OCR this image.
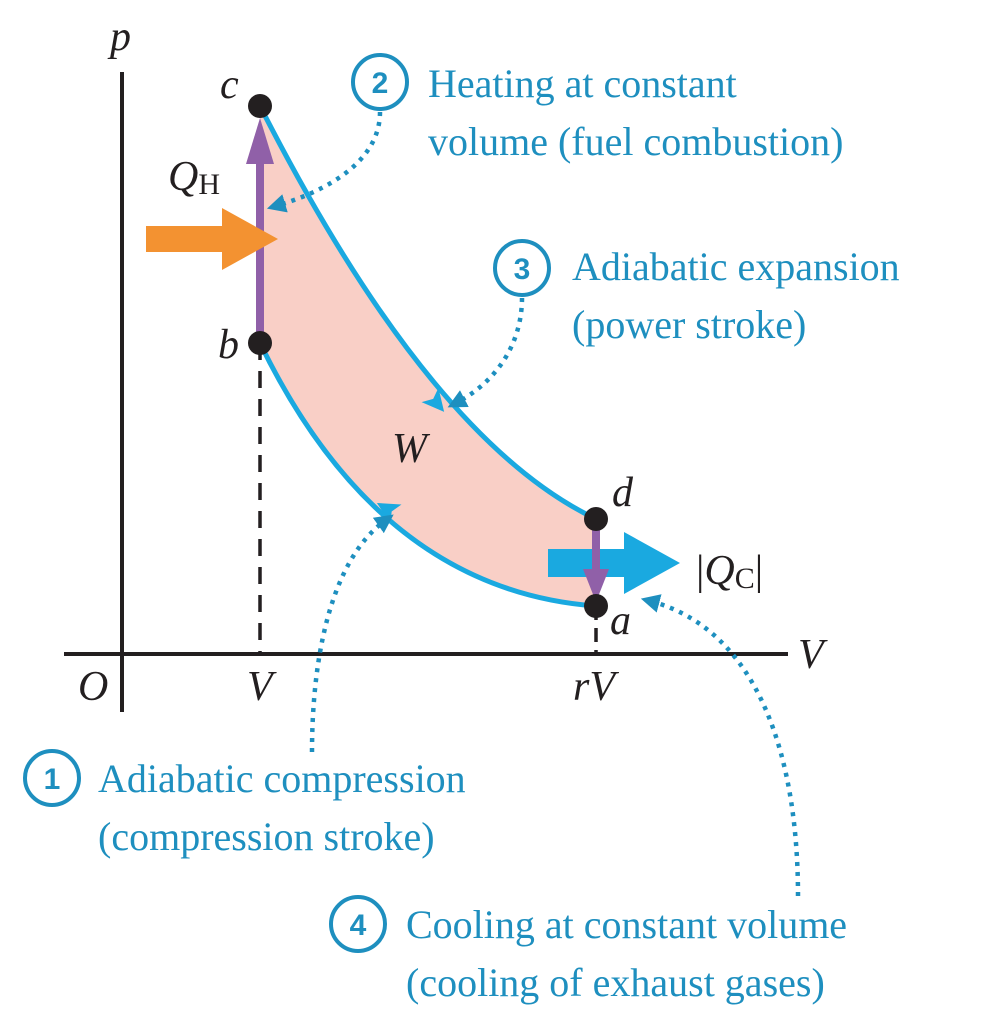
p
V
O	V	rV
c
b
d
a
W
QH
|QC|
2 Heating at constant
volume (fuel combustion)
3 Adiabatic expansion
(power stroke)
1 Adiabatic compression
(compression stroke)
4 Cooling at constant volume
(cooling of exhaust gases)
